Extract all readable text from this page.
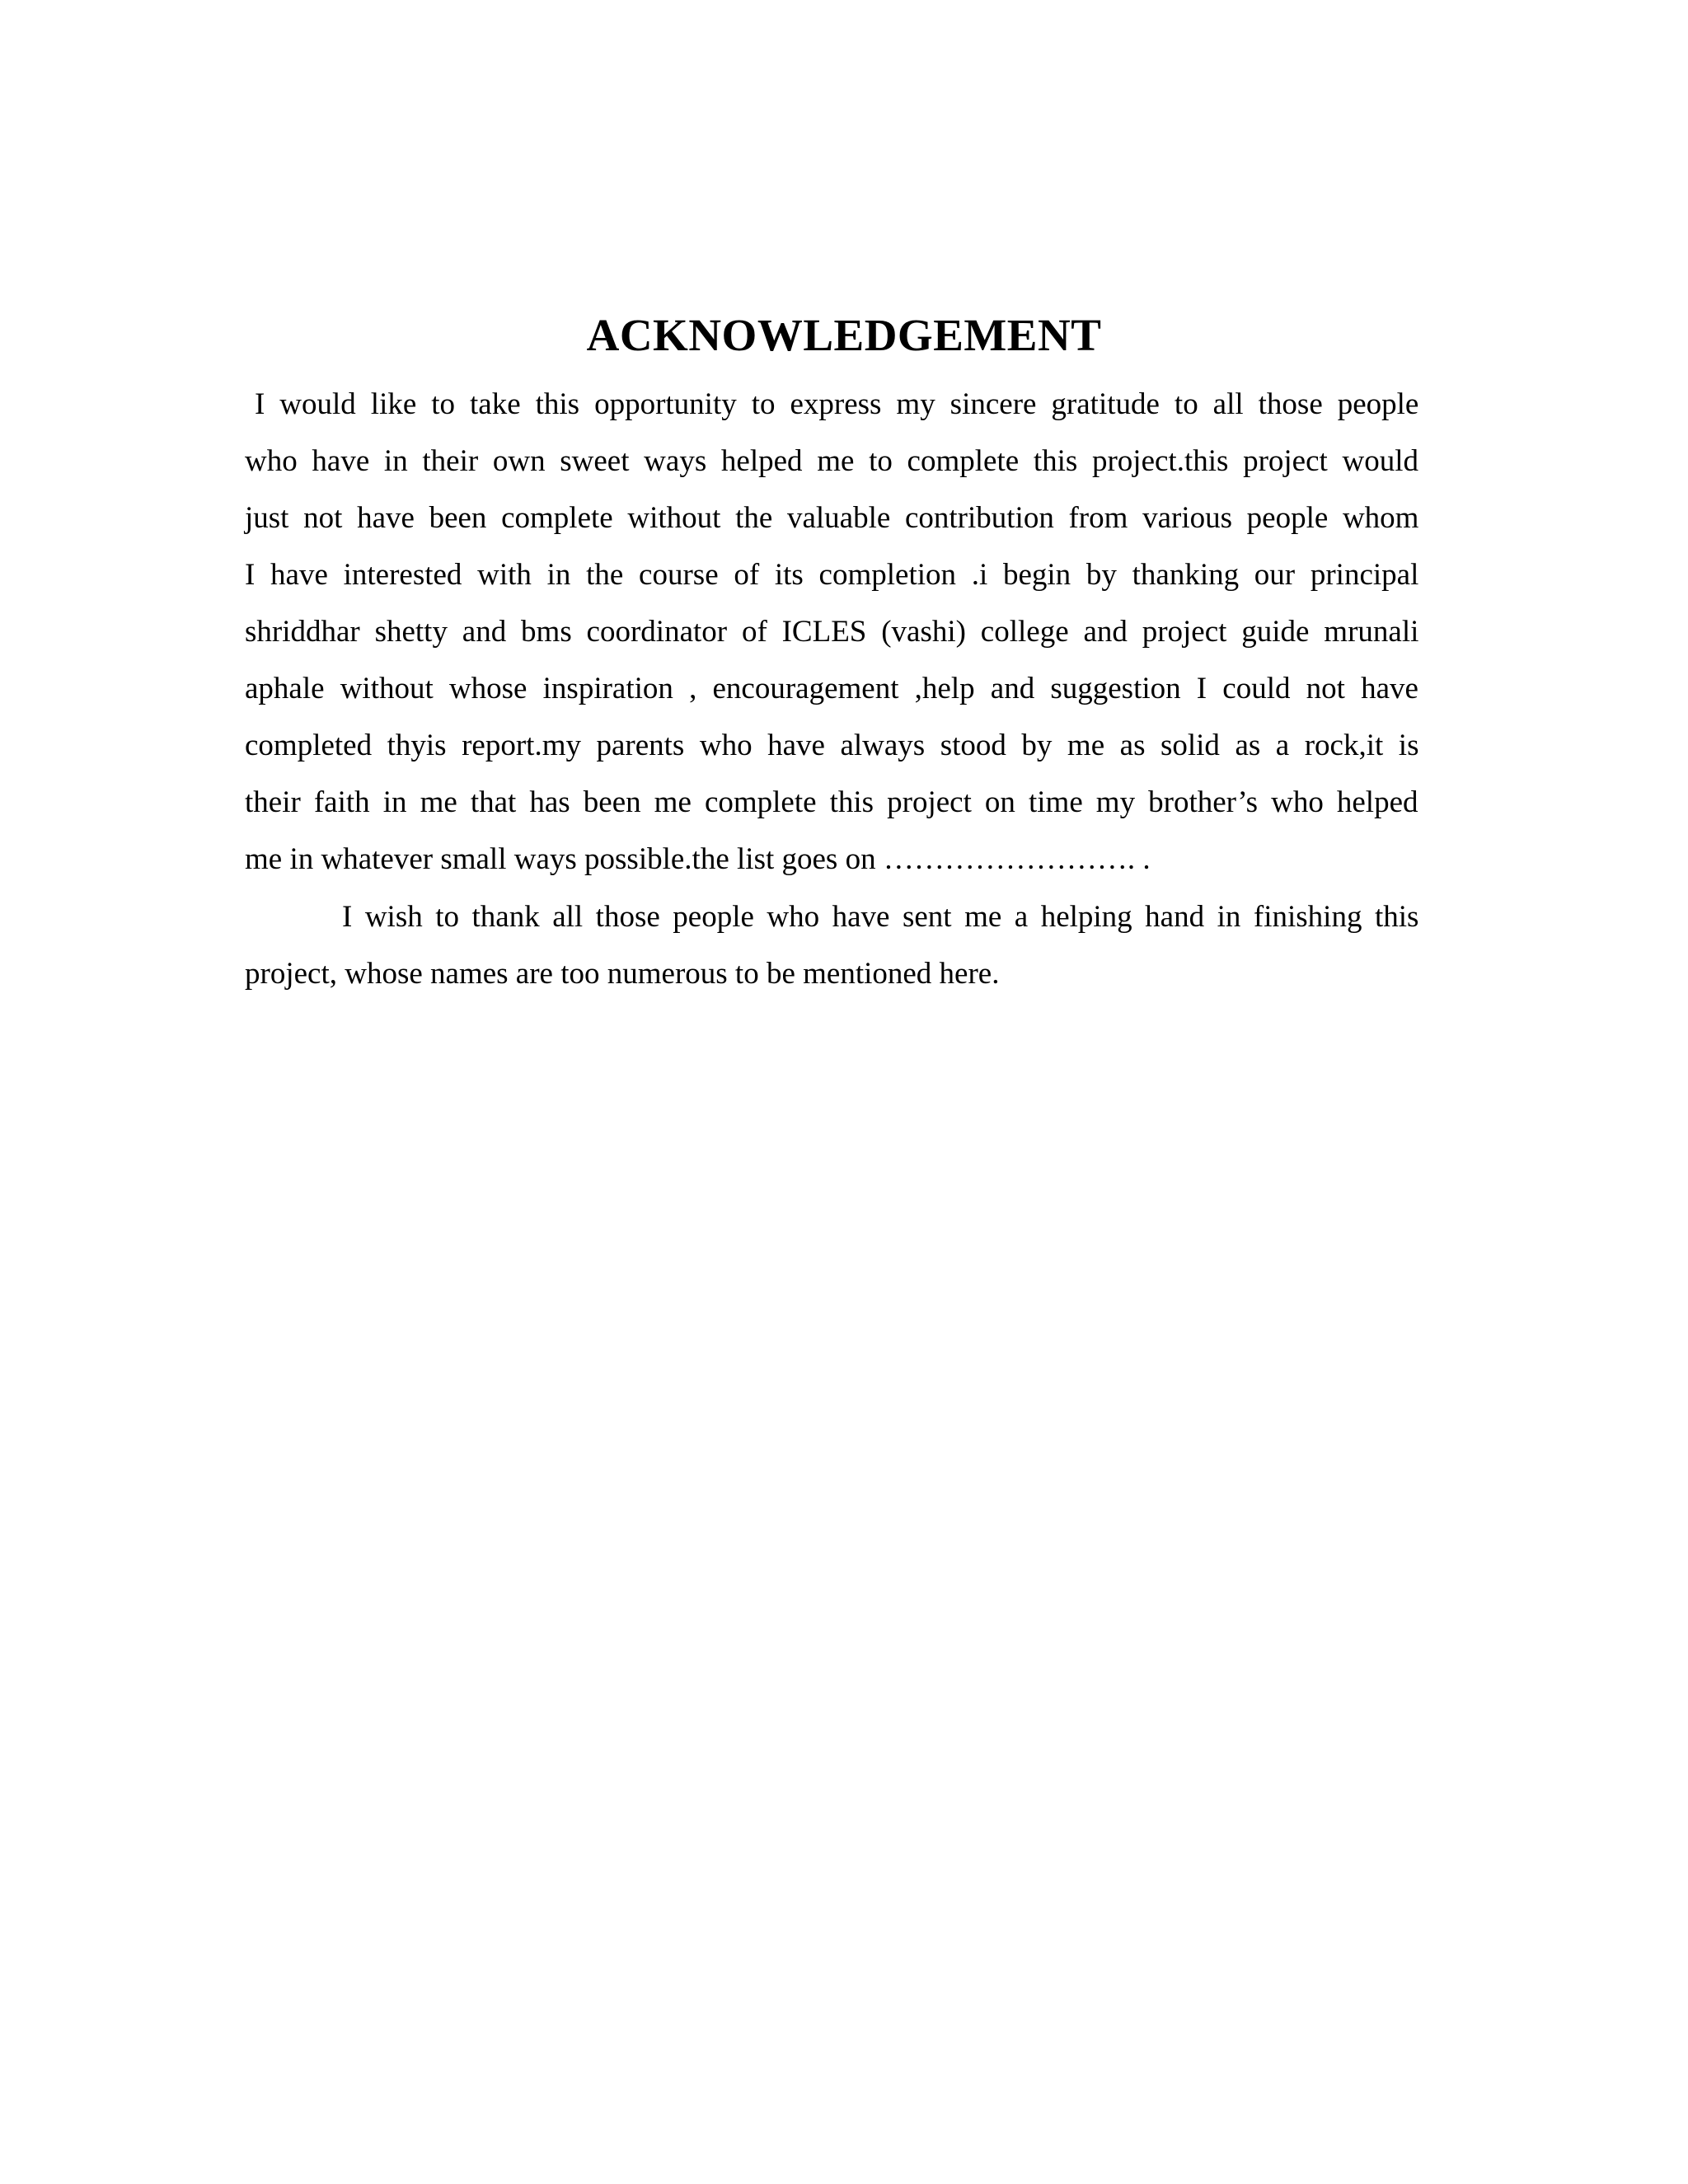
ACKNOWLEDGEMENT
I would like to take this opportunity to express my sincere gratitude to all those people
who have in their own sweet ways helped me to complete this project.this project would
just not have been complete without the valuable contribution from various people whom
I have interested with in the course of its completion .i begin by thanking our principal
shriddhar shetty and bms coordinator of ICLES (vashi) college and project guide mrunali
aphale without whose inspiration , encouragement ,help and suggestion I could not have
completed thyis report.my parents who have always stood by me as solid as a rock,it is
their faith in me that has been me complete this project on time my brother’s who helped
me in whatever small ways possible.the list goes on ……………………. .
I wish to thank all those people who have sent me a helping hand in finishing this
project, whose names are too numerous to be mentioned here.
